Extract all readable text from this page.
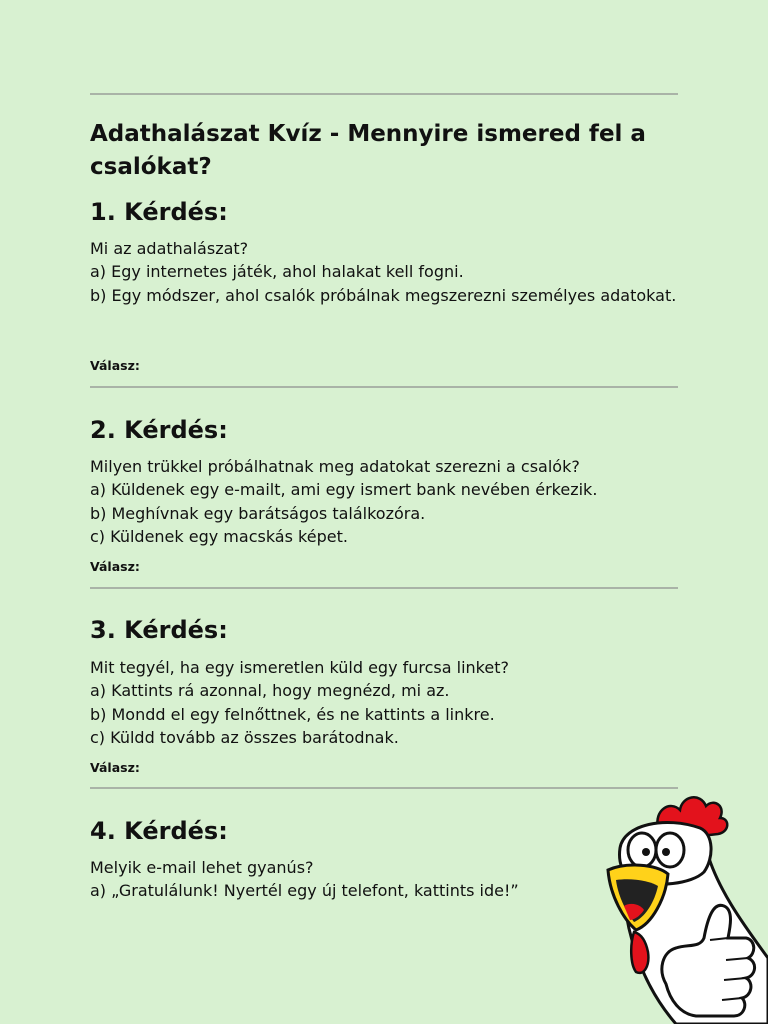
Adathalászat Kvíz - Mennyire ismered fel a csalókat?
1. Kérdés:
Mi az adathalászat?
a) Egy internetes játék, ahol halakat kell fogni.
b) Egy módszer, ahol csalók próbálnak megszerezni személyes adatokat.
Válasz:
2. Kérdés:
Milyen trükkel próbálhatnak meg adatokat szerezni a csalók?
a) Küldenek egy e-mailt, ami egy ismert bank nevében érkezik.
b) Meghívnak egy barátságos találkozóra.
c) Küldenek egy macskás képet.
Válasz:
3. Kérdés:
Mit tegyél, ha egy ismeretlen küld egy furcsa linket?
a) Kattints rá azonnal, hogy megnézd, mi az.
b) Mondd el egy felnőttnek, és ne kattints a linkre.
c) Küldd tovább az összes barátodnak.
Válasz:
4. Kérdés:
Melyik e-mail lehet gyanús?
a) „Gratulálunk! Nyertél egy új telefont, kattints ide!”
